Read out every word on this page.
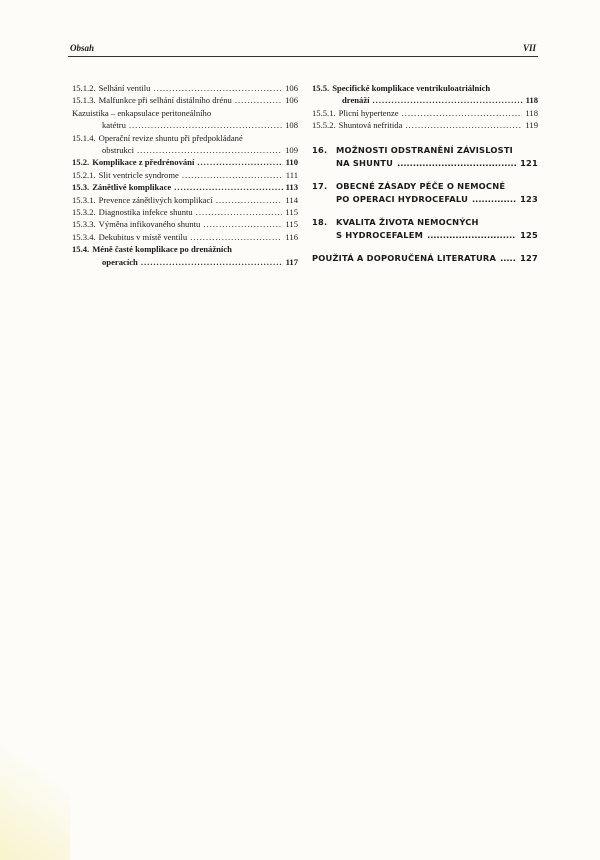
Obsah	VII
15.1.2. Selhání ventilu .....	106
15.1.3. Malfunkce při selhání distálního drénu .....	106
Kazuistika – enkapsulace peritoneálního
katétru .....	108
15.1.4. Operační revize shuntu při předpokládané
obstrukci .....	109
15.2. Komplikace z předrénování .....	110
15.2.1. Slit ventricle syndrome .....	111
15.3. Zánětlivé komplikace .....	113
15.3.1. Prevence zánětlivých komplikací .....	114
15.3.2. Diagnostika infekce shuntu .....	115
15.3.3. Výměna infikovaného shuntu .....	115
15.3.4. Dekubitus v místě ventilu .....	116
15.4. Méně časté komplikace po drenážních
operacích .....	117
15.5. Specifické komplikace ventrikuloatriálních
drenáží .....	118
15.5.1. Plicní hypertenze .....	118
15.5.2. Shuntová nefritida .....	119
16.	MOŽNOSTI ODSTRANĚNÍ ZÁVISLOSTI
NA SHUNTU .....	121
17.	OBECNÉ ZÁSADY PÉČE O NEMOCNÉ
PO OPERACI HYDROCEFALU .....	123
18.	KVALITA ŽIVOTA NEMOCNÝCH
S HYDROCEFALEM .....	125
POUŽITÁ A DOPORUČENÁ LITERATURA .....	127
